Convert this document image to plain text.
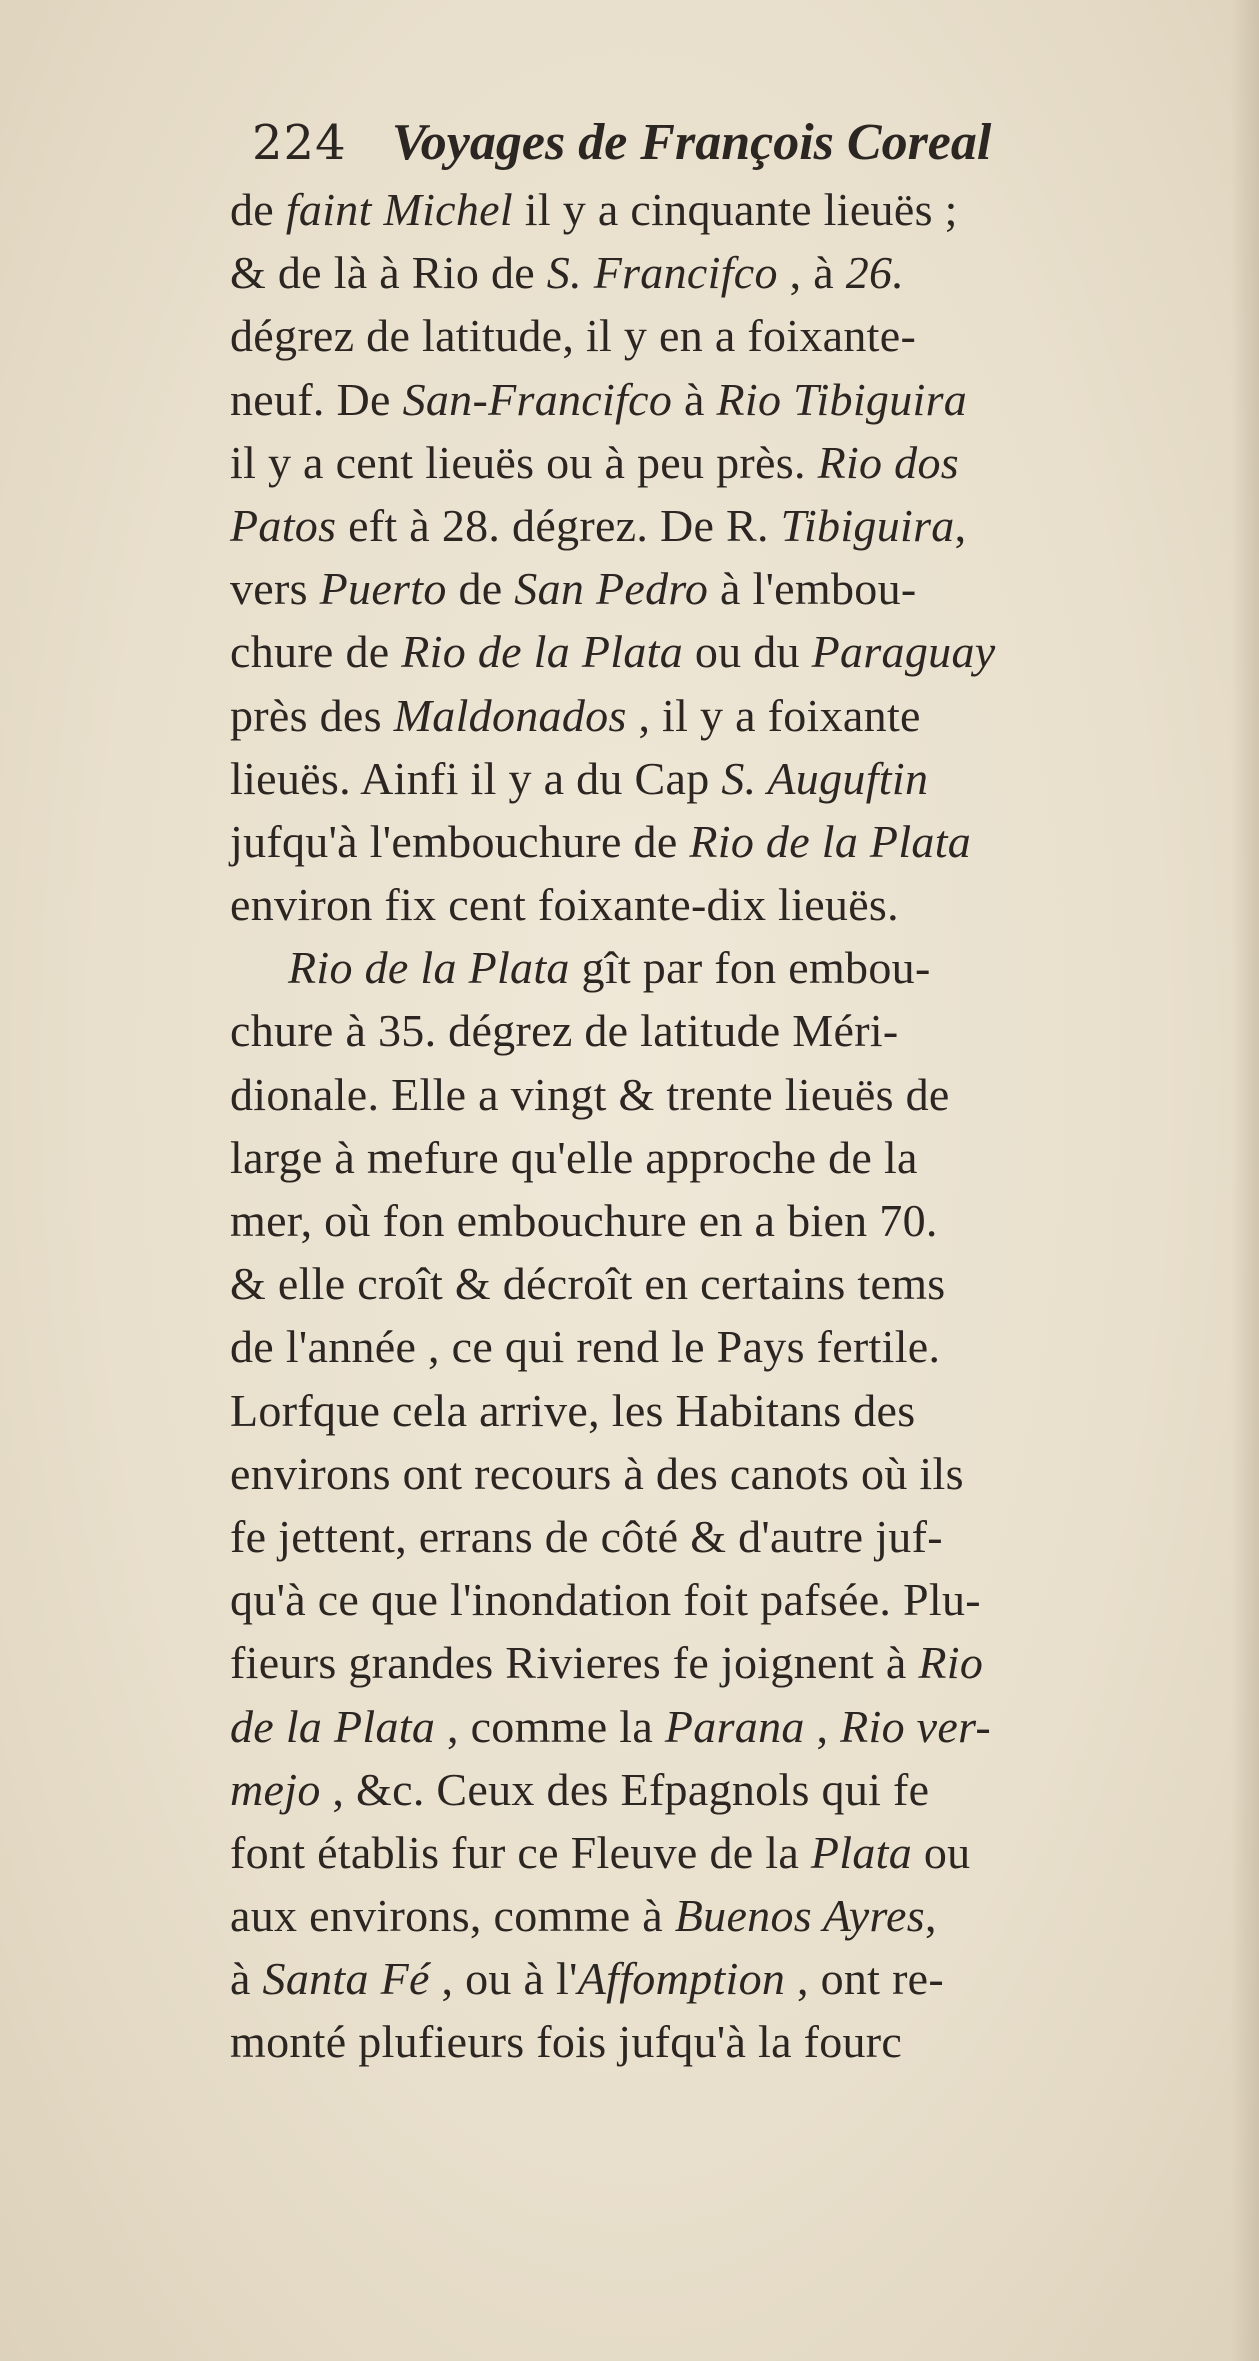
224 Voyages de François Coreal
de faint Michel il y a cinquante lieuës ;
& de là à Rio de S. Francifco , à 26.
dégrez de latitude, il y en a foixante-
neuf. De San-Francifco à Rio Tibiguira
il y a cent lieuës ou à peu près. Rio dos
Patos eft à 28. dégrez. De R. Tibiguira,
vers Puerto de San Pedro à l'embou-
chure de Rio de la Plata ou du Paraguay
près des Maldonados , il y a foixante
lieuës. Ainfi il y a du Cap S. Auguftin
jufqu'à l'embouchure de Rio de la Plata
environ fix cent foixante-dix lieuës.
Rio de la Plata gît par fon embou-
chure à 35. dégrez de latitude Méri-
dionale. Elle a vingt & trente lieuës de
large à mefure qu'elle approche de la
mer, où fon embouchure en a bien 70.
& elle croît & décroît en certains tems
de l'année , ce qui rend le Pays fertile.
Lorfque cela arrive, les Habitans des
environs ont recours à des canots où ils
fe jettent, errans de côté & d'autre juf-
qu'à ce que l'inondation foit pafsée. Plu-
fieurs grandes Rivieres fe joignent à Rio
de la Plata , comme la Parana , Rio ver-
mejo , &c. Ceux des Efpagnols qui fe
font établis fur ce Fleuve de la Plata ou
aux environs, comme à Buenos Ayres,
à Santa Fé , ou à l'Affomption , ont re-
monté plufieurs fois jufqu'à la fourc
